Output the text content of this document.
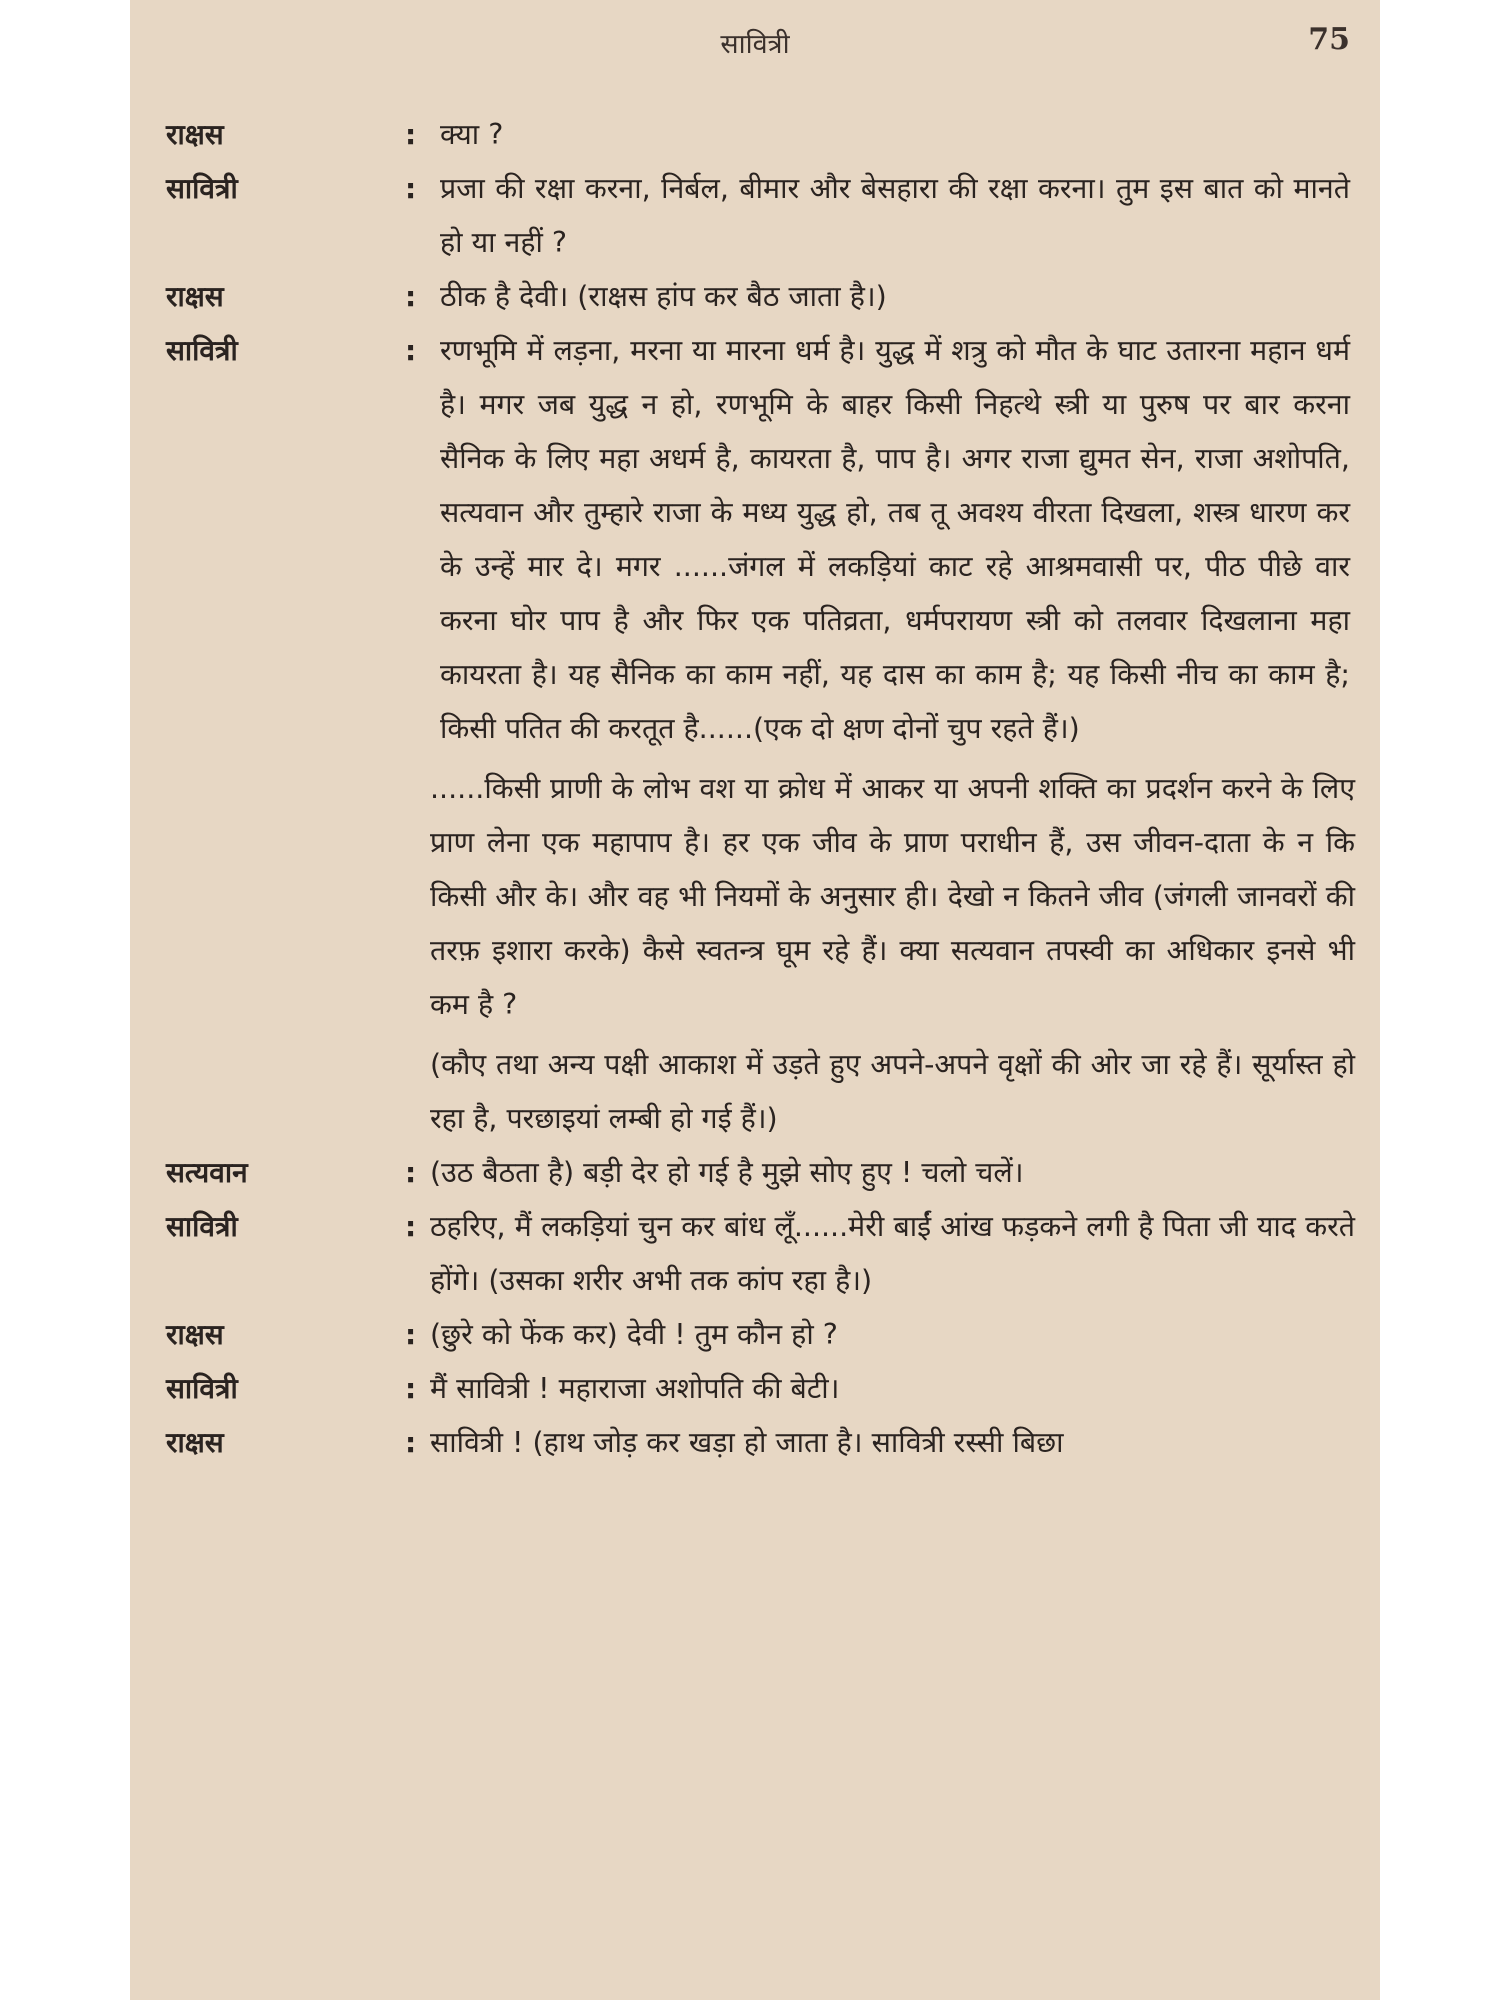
सावित्री	75
राक्षस	: क्या ?
सावित्री	: प्रजा की रक्षा करना, निर्बल, बीमार और बेसहारा की रक्षा करना। तुम इस बात को मानते हो या नहीं ?
राक्षस	: ठीक है देवी। (राक्षस हांप कर बैठ जाता है।)
सावित्री	: रणभूमि में लड़ना, मरना या मारना धर्म है। युद्ध में शत्रु को मौत के घाट उतारना महान धर्म है। मगर जब युद्ध न हो, रणभूमि के बाहर किसी निहत्थे स्त्री या पुरुष पर बार करना सैनिक के लिए महा अधर्म है, कायरता है, पाप है। अगर राजा द्युमत सेन, राजा अशोपति, सत्यवान और तुम्हारे राजा के मध्य युद्ध हो, तब तू अवश्य वीरता दिखला, शस्त्र धारण कर के उन्हें मार दे। मगर ......जंगल में लकड़ियां काट रहे आश्रमवासी पर, पीठ पीछे वार करना घोर पाप है और फिर एक पतिव्रता, धर्मपरायण स्त्री को तलवार दिखलाना महा कायरता है। यह सैनिक का काम नहीं, यह दास का काम है; यह किसी नीच का काम है; किसी पतित की करतूत है......(एक दो क्षण दोनों चुप रहते हैं।)
......किसी प्राणी के लोभ वश या क्रोध में आकर या अपनी शक्ति का प्रदर्शन करने के लिए प्राण लेना एक महापाप है। हर एक जीव के प्राण पराधीन हैं, उस जीवन-दाता के न कि किसी और के। और वह भी नियमों के अनुसार ही। देखो न कितने जीव (जंगली जानवरों की तरफ़ इशारा करके) कैसे स्वतन्त्र घूम रहे हैं। क्या सत्यवान तपस्वी का अधिकार इनसे भी कम है ?
(कौए तथा अन्य पक्षी आकाश में उड़ते हुए अपने-अपने वृक्षों की ओर जा रहे हैं। सूर्यास्त हो रहा है, परछाइयां लम्बी हो गई हैं।)
सत्यवान	: (उठ बैठता है) बड़ी देर हो गई है मुझे सोए हुए ! चलो चलें।
सावित्री	: ठहरिए, मैं लकड़ियां चुन कर बांध लूँ......मेरी बाईं आंख फड़कने लगी है पिता जी याद करते होंगे। (उसका शरीर अभी तक कांप रहा है।)
राक्षस	: (छुरे को फेंक कर) देवी ! तुम कौन हो ?
सावित्री	: मैं सावित्री ! महाराजा अशोपति की बेटी।
राक्षस	: सावित्री ! (हाथ जोड़ कर खड़ा हो जाता है। सावित्री रस्सी बिछा
